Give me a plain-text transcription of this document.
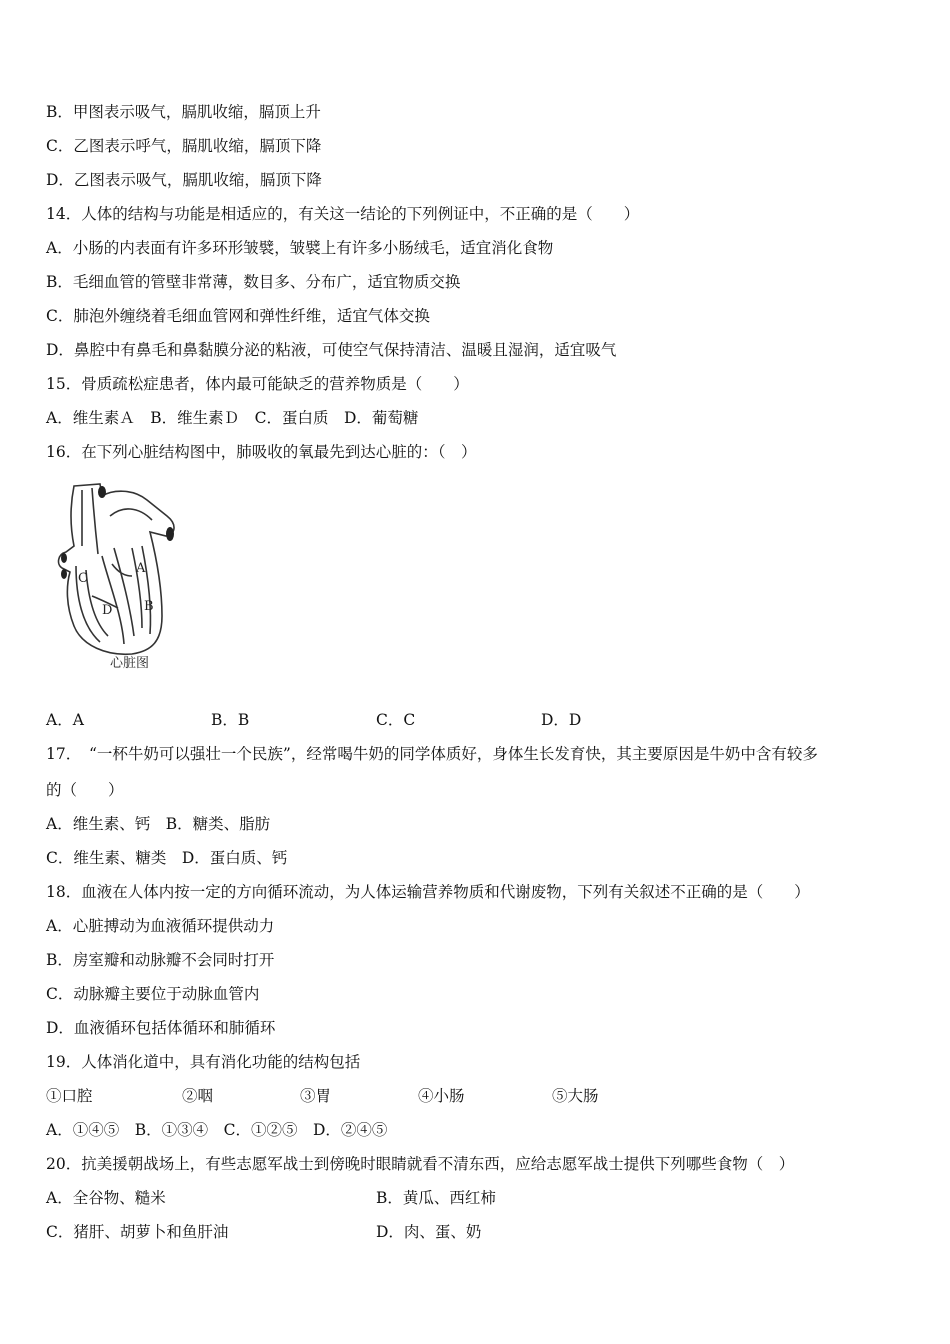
B．甲图表示吸气，膈肌收缩，膈顶上升
C．乙图表示呼气，膈肌收缩，膈顶下降
D．乙图表示吸气，膈肌收缩，膈顶下降
14．人体的结构与功能是相适应的，有关这一结论的下列例证中，不正确的是（　　）
A．小肠的内表面有许多环形皱襞，皱襞上有许多小肠绒毛，适宜消化食物
B．毛细血管的管壁非常薄，数目多、分布广，适宜物质交换
C．肺泡外缠绕着毛细血管网和弹性纤维，适宜气体交换
D．鼻腔中有鼻毛和鼻黏膜分泌的粘液，可使空气保持清洁、温暖且湿润，适宜吸气
15．骨质疏松症患者，体内最可能缺乏的营养物质是（　　）
A．维生素Ａ　B．维生素Ｄ　C．蛋白质　D．葡萄糖
16．在下列心脏结构图中，肺吸收的氧最先到达心脏的：（　）
A
B
C
D
心脏图
A．A	B．B	C．C	D．D
17．　“一杯牛奶可以强壮一个民族”，经常喝牛奶的同学体质好，身体生长发育快，其主要原因是牛奶中含有较多
的（　　）
A．维生素、钙　B．糖类、脂肪
C．维生素、糖类　D．蛋白质、钙
18．血液在人体内按一定的方向循环流动，为人体运输营养物质和代谢废物，下列有关叙述不正确的是（　　）
A．心脏搏动为血液循环提供动力
B．房室瓣和动脉瓣不会同时打开
C．动脉瓣主要位于动脉血管内
D．血液循环包括体循环和肺循环
19．人体消化道中，具有消化功能的结构包括
①口腔	②咽	③胃	④小肠	⑤大肠
A．①④⑤　B．①③④　C．①②⑤　D．②④⑤
20．抗美援朝战场上，有些志愿军战士到傍晚时眼睛就看不清东西，应给志愿军战士提供下列哪些食物（　）
A．全谷物、糙米	B．黄瓜、西红柿
C．猪肝、胡萝卜和鱼肝油	D．肉、蛋、奶
